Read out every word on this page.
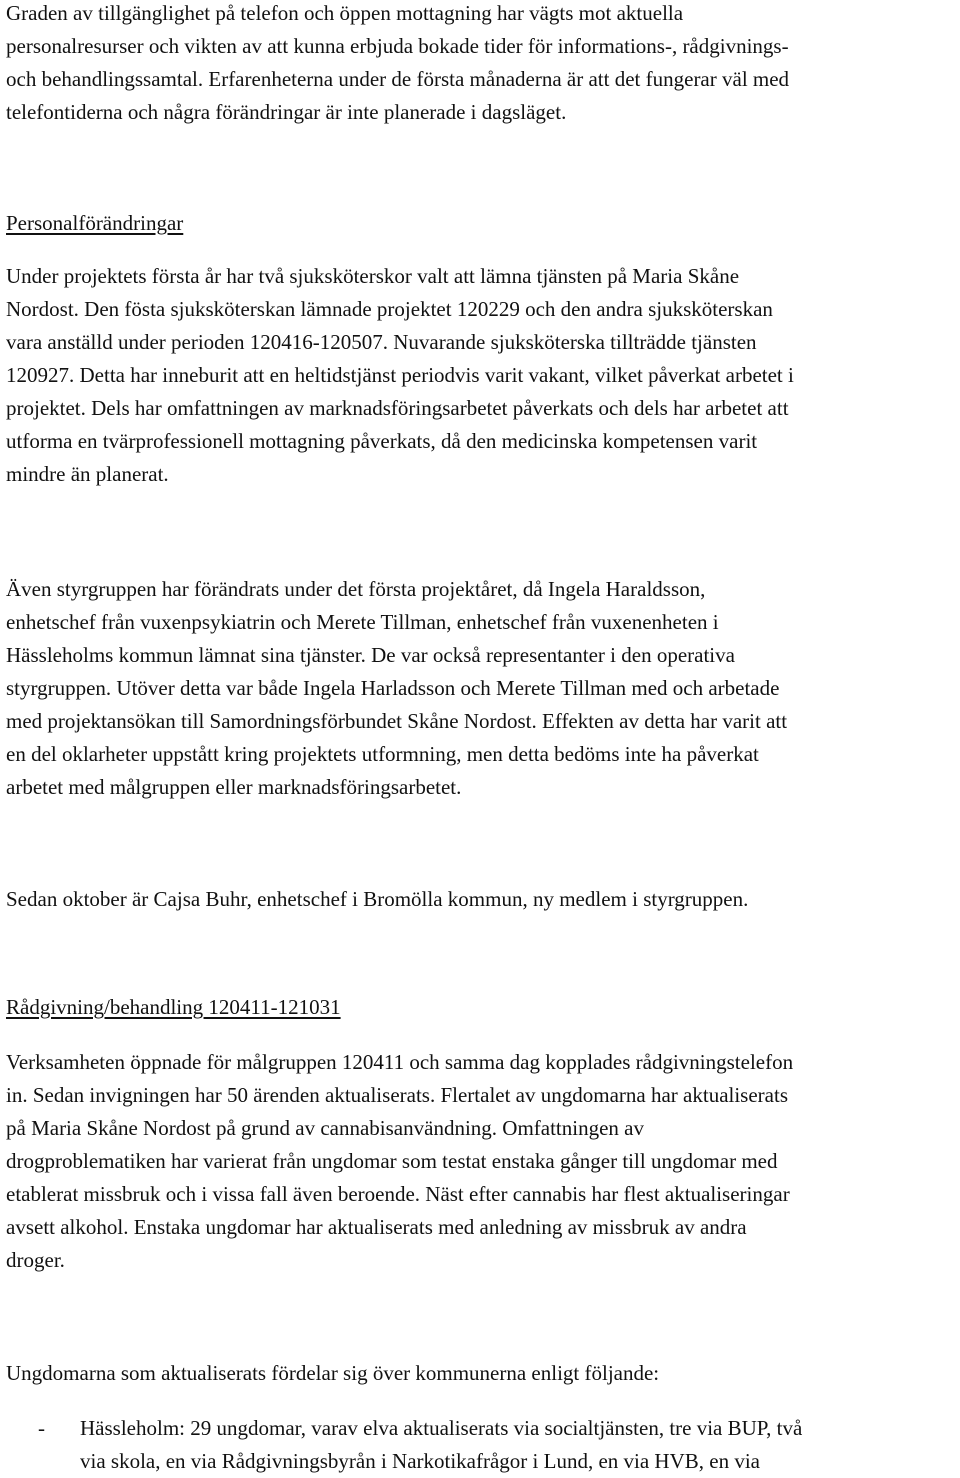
Graden av tillgänglighet på telefon och öppen mottagning har vägts mot aktuella
personalresurser och vikten av att kunna erbjuda bokade tider för informations-, rådgivnings-
och behandlingssamtal. Erfarenheterna under de första månaderna är att det fungerar väl med
telefontiderna och några förändringar är inte planerade i dagsläget.
Personalförändringar
Under projektets första år har två sjuksköterskor valt att lämna tjänsten på Maria Skåne
Nordost. Den fösta sjuksköterskan lämnade projektet 120229 och den andra sjuksköterskan
vara anställd under perioden 120416-120507. Nuvarande sjuksköterska tillträdde tjänsten
120927. Detta har inneburit att en heltidstjänst periodvis varit vakant, vilket påverkat arbetet i
projektet. Dels har omfattningen av marknadsföringsarbetet påverkats och dels har arbetet att
utforma en tvärprofessionell mottagning påverkats, då den medicinska kompetensen varit
mindre än planerat.
Även styrgruppen har förändrats under det första projektåret, då Ingela Haraldsson,
enhetschef från vuxenpsykiatrin och Merete Tillman, enhetschef från vuxenenheten i
Hässleholms kommun lämnat sina tjänster. De var också representanter i den operativa
styrgruppen. Utöver detta var både Ingela Harladsson och Merete Tillman med och arbetade
med projektansökan till Samordningsförbundet Skåne Nordost. Effekten av detta har varit att
en del oklarheter uppstått kring projektets utformning, men detta bedöms inte ha påverkat
arbetet med målgruppen eller marknadsföringsarbetet.
Sedan oktober är Cajsa Buhr, enhetschef i Bromölla kommun, ny medlem i styrgruppen.
Rådgivning/behandling 120411-121031
Verksamheten öppnade för målgruppen 120411 och samma dag kopplades rådgivningstelefon
in. Sedan invigningen har 50 ärenden aktualiserats. Flertalet av ungdomarna har aktualiserats
på Maria Skåne Nordost på grund av cannabisanvändning. Omfattningen av
drogproblematiken har varierat från ungdomar som testat enstaka gånger till ungdomar med
etablerat missbruk och i vissa fall även beroende. Näst efter cannabis har flest aktualiseringar
avsett alkohol. Enstaka ungdomar har aktualiserats med anledning av missbruk av andra
droger.
Ungdomarna som aktualiserats fördelar sig över kommunerna enligt följande:
- Hässleholm: 29 ungdomar, varav elva aktualiserats via socialtjänsten, tre via BUP, två
via skola, en via Rådgivningsbyrån i Narkotikafrågor i Lund, en via HVB, en via
